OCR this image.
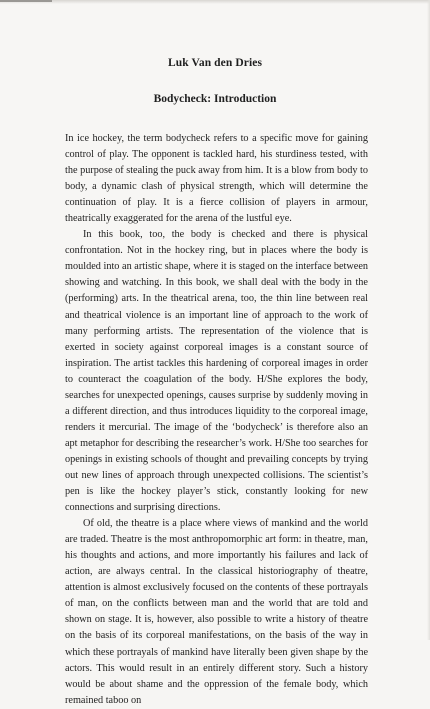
Luk Van den Dries
Bodycheck: Introduction

In ice hockey, the term bodycheck refers to a specific move for gaining control of play. The opponent is tackled hard, his sturdiness tested, with the purpose of stealing the puck away from him. It is a blow from body to body, a dynamic clash of physical strength, which will determine the continuation of play. It is a fierce collision of players in armour, theatrically exaggerated for the arena of the lustful eye.

In this book, too, the body is checked and there is physical confrontation. Not in the hockey ring, but in places where the body is moulded into an artistic shape, where it is staged on the interface between showing and watching. In this book, we shall deal with the body in the (performing) arts. In the theatrical arena, too, the thin line between real and theatrical violence is an important line of approach to the work of many performing artists. The representation of the violence that is exerted in society against corporeal images is a constant source of inspiration. The artist tackles this hardening of corporeal images in order to counteract the coagulation of the body. H/She explores the body, searches for unexpected openings, causes surprise by suddenly moving in a different direction, and thus introduces liquidity to the corporeal image, renders it mercurial. The image of the ‘bodycheck’ is therefore also an apt metaphor for describing the researcher’s work. H/She too searches for openings in existing schools of thought and prevailing concepts by trying out new lines of approach through unexpected collisions. The scientist’s pen is like the hockey player’s stick, constantly looking for new connections and surprising directions.

Of old, the theatre is a place where views of mankind and the world are traded. Theatre is the most anthropomorphic art form: in theatre, man, his thoughts and actions, and more importantly his failures and lack of action, are always central. In the classical historiography of theatre, attention is almost exclusively focused on the contents of these portrayals of man, on the conflicts between man and the world that are told and shown on stage. It is, however, also possible to write a history of theatre on the basis of its corporeal manifestations, on the basis of the way in which these portrayals of mankind have literally been given shape by the actors. This would result in an entirely different story. Such a history would be about shame and the oppression of the female body, which remained taboo on
